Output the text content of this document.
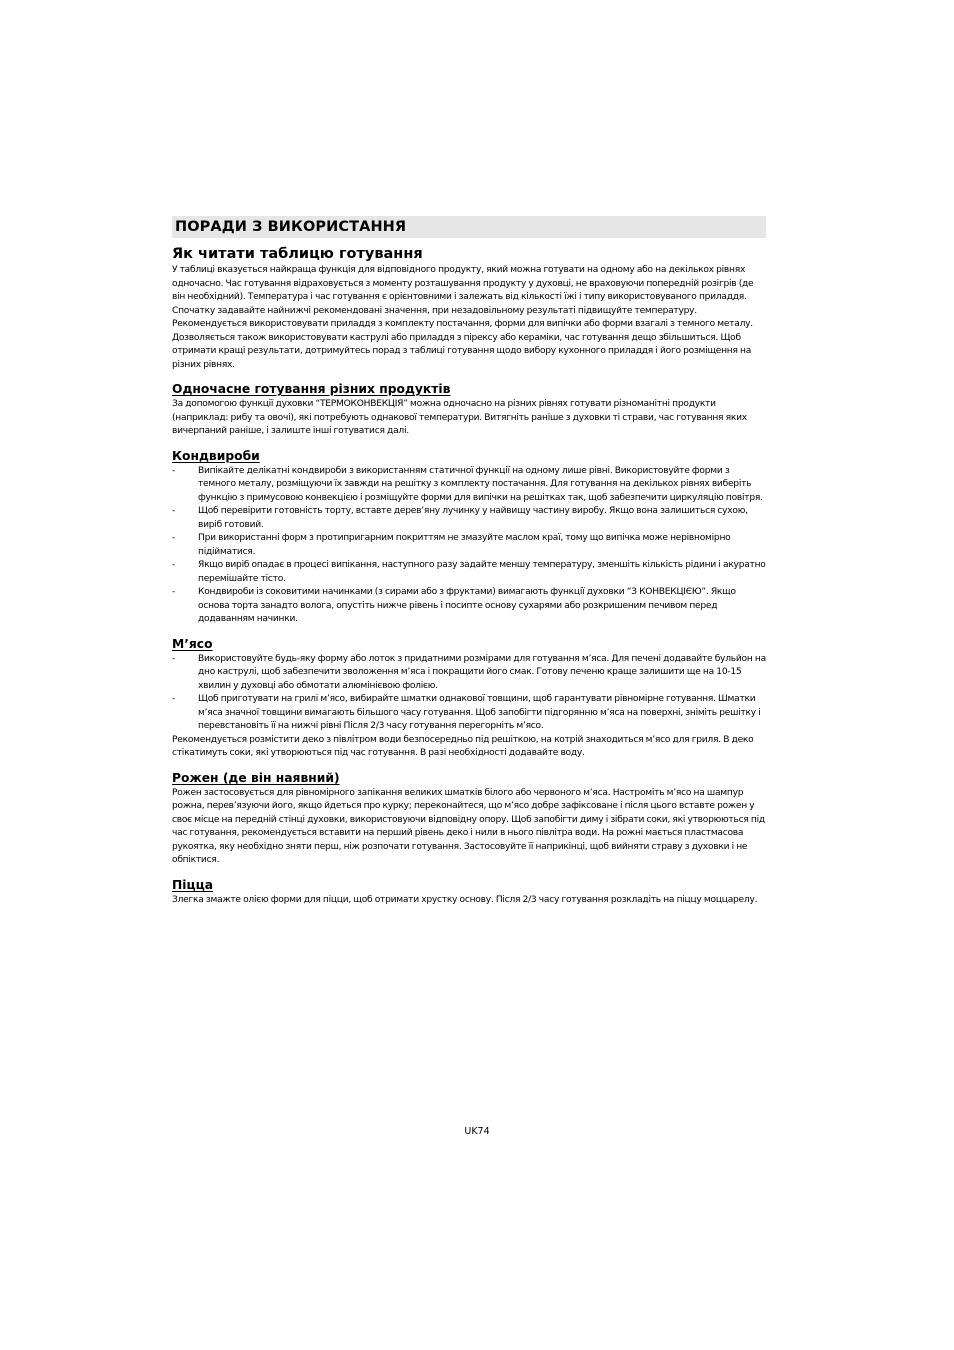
ПОРАДИ З ВИКОРИСТАННЯ
Як читати таблицю готування

У таблиці вказується найкраща функція для відповідного продукту, який можна готувати на одному або на декількох рівнях одночасно. Час готування відраховується з моменту розташування продукту у духовці, не враховуючи попередній розігрів (де він необхідний). Температура і час готування є орієнтовними і залежать від кількості їжі і типу використовуваного приладдя. Спочатку задавайте найнижчі рекомендовані значення, при незадовільному результаті підвищуйте температуру. Рекомендується використовувати приладдя з комплекту постачання, форми для випічки або форми взагалі з темного металу. Дозволяється також використовувати каструлі або приладдя з пірексу або кераміки, час готування дещо збільшиться. Щоб отримати кращі результати, дотримуйтесь порад з таблиці готування щодо вибору кухонного приладдя і його розміщення на різних рівнях.

Одночасне готування різних продуктів

За допомогою функції духовки “ТЕРМОКОНВЕКЦІЯ” можна одночасно на різних рівнях готувати різноманітні продукти (наприклад: рибу та овочі), які потребують однакової температури. Витягніть раніше з духовки ті страви, час готування яких вичерпаний раніше, і залиште інші готуватися далі.

Кондвироби
-	Випікайте делікатні кондвироби з використанням статичної функції на одному лише рівні. Використовуйте форми з темного металу, розміщуючи їх завжди на решітку з комплекту постачання. Для готування на декількох рівнях виберіть функцію з примусовою конвекцією і розміщуйте форми для випічки на решітках так, щоб забезпечити циркуляцію повітря.
-	Щоб перевірити готовність торту, вставте дерев’яну лучинку у найвищу частину виробу. Якщо вона залишиться сухою, виріб готовий.
-	При використанні форм з протипригарним покриттям не змазуйте маслом краї, тому що випічка може нерівномірно підійматися.
-	Якщо виріб опадає в процесі випікання, наступного разу задайте меншу температуру, зменшіть кількість рідини і акуратно перемішайте тісто.
-	Кондвироби із соковитими начинками (з сирами або з фруктами) вимагають функції духовки “З КОНВЕКЦІЄЮ”. Якщо основа торта занадто волога, опустіть нижче рівень і посипте основу сухарями або розкришеним печивом перед додаванням начинки.
М’ясо
-	Використовуйте будь-яку форму або лоток з придатними розмірами для готування м’яса. Для печені додавайте бульйон на дно каструлі, щоб забезпечити зволоження м’яса і покращити його смак. Готову печеню краще залишити ще на 10-15 хвилин у духовці або обмотати алюмінієвою фолією.
-	Щоб приготувати на грилі м’ясо, вибирайте шматки однакової товщини, щоб гарантувати рівномірне готування. Шматки м’яса значної товщини вимагають більшого часу готування. Щоб запобігти підгорянню м’яса на поверхні, зніміть решітку і перевстановіть її на нижчі рівні Після 2/3 часу готування перегорніть м’ясо.

Рекомендується розмістити деко з півлітром води безпосередньо під решіткою, на котрій знаходиться м’ясо для гриля. В деко стікатимуть соки, які утворюються під час готування. В разі необхідності додавайте воду.

Рожен (де він наявний)

Рожен застосовується для рівномірного запікання великих шматків білого або червоного м’яса. Настроміть м’ясо на шампур рожна, перев’язуючи його, якщо йдеться про курку; переконайтеся, що м’ясо добре зафіксоване і після цього вставте рожен у своє місце на передній стінці духовки, використовуючи відповідну опору. Щоб запобігти диму і зібрати соки, які утворюються під час готування, рекомендується вставити на перший рівень деко і нили в нього півлітра води. На рожні мається пластмасова рукоятка, яку необхідно зняти перш, ніж розпочати готування. Застосовуйте її наприкінці, щоб вийняти страву з духовки і не обпіктися.

Піцца

Злегка змажте олією форми для піцци, щоб отримати хрустку основу. Після 2/3 часу готування розкладіть на піццу моццарелу.

UK74
